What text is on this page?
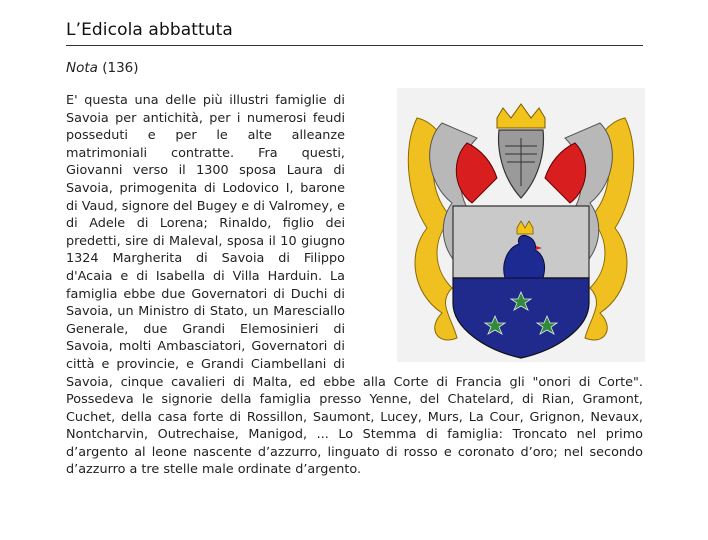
L’Edicola abbattuta
Nota (136)
E' questa una delle più illustri famiglie di Savoia per antichità, per i numerosi feudi posseduti e per le alte alleanze matrimoniali contratte. Fra questi, Giovanni verso il 1300 sposa Laura di Savoia, primogenita di Lodovico I, barone di Vaud, signore del Bugey e di Valromey, e di Adele di Lorena; Rinaldo, figlio dei predetti, sire di Maleval, sposa il 10 giugno 1324 Margherita di Savoia di Filippo d'Acaia e di Isabella di Villa Harduin. La famiglia ebbe due Governatori di Duchi di Savoia, un Ministro di Stato, un Maresciallo Generale, due Grandi Elemosinieri di Savoia, molti Ambasciatori, Governatori di città e provincie, e Grandi Ciambellani di Savoia, cinque cavalieri di Malta, ed ebbe alla Corte di Francia gli "onori di Corte". Possedeva le signorie della famiglia presso Yenne, del Chatelard, di Rian, Gramont, Cuchet, della casa forte di Rossillon, Saumont, Lucey, Murs, La Cour, Grignon, Nevaux, Nontcharvin, Outrechaise, Manigod, ... Lo Stemma di famiglia: Troncato nel primo d’argento al leone nascente d’azzurro, linguato di rosso e coronato d’oro; nel secondo d’azzurro a tre stelle male ordinate d’argento.
